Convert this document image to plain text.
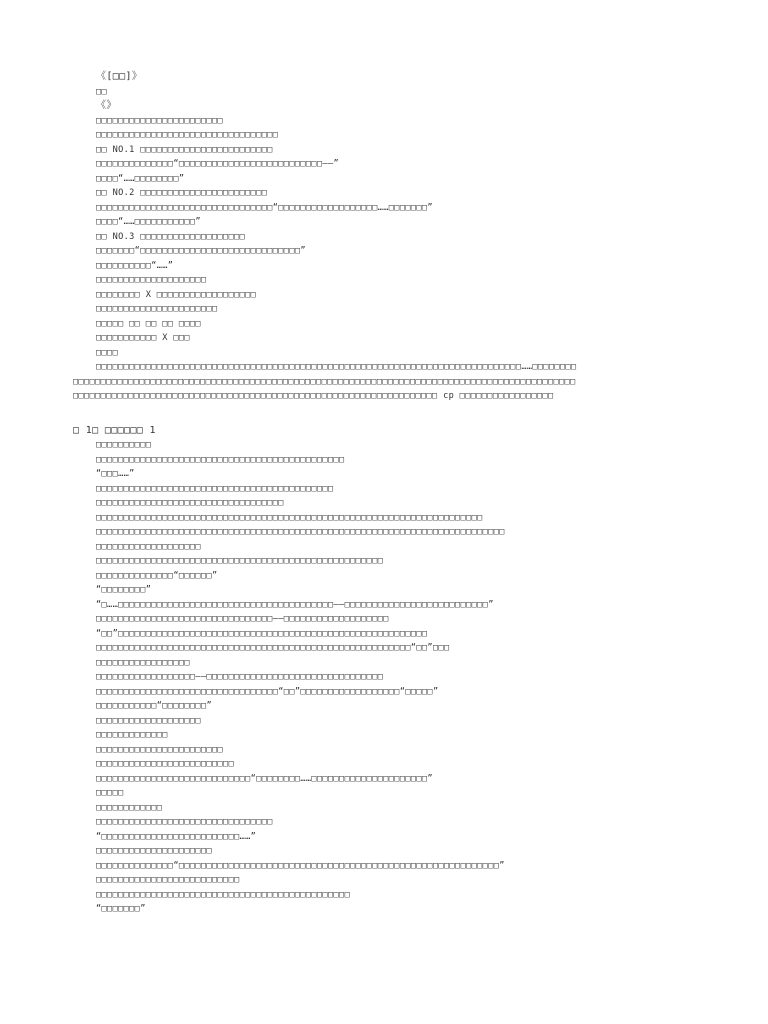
《[□□]》
□□
《》
□□□□□□□□□□□□□□□□□□□□□□□
□□□□□□□□□□□□□□□□□□□□□□□□□□□□□□□□□
□□ NO.1 □□□□□□□□□□□□□□□□□□□□□□□□
□□□□□□□□□□□□□□“□□□□□□□□□□□□□□□□□□□□□□□□□□——”
□□□□“……□□□□□□□□”
□□ NO.2 □□□□□□□□□□□□□□□□□□□□□□□
□□□□□□□□□□□□□□□□□□□□□□□□□□□□□□□□“□□□□□□□□□□□□□□□□□□……□□□□□□□”
□□□□“……□□□□□□□□□□□”
□□ NO.3 □□□□□□□□□□□□□□□□□□□
□□□□□□□“□□□□□□□□□□□□□□□□□□□□□□□□□□□□□”
□□□□□□□□□□“……”
□□□□□□□□□□□□□□□□□□□□
□□□□□□□□ X □□□□□□□□□□□□□□□□□□
□□□□□□□□□□□□□□□□□□□□□□
□□□□□ □□ □□ □□ □□□□
□□□□□□□□□□□ X □□□
□□□□
□□□□□□□□□□□□□□□□□□□□□□□□□□□□□□□□□□□□□□□□□□□□□□□□□□□□□□□□□□□□□□□□□□□□□□□□□□□□□……□□□□□□□□
□□□□□□□□□□□□□□□□□□□□□□□□□□□□□□□□□□□□□□□□□□□□□□□□□□□□□□□□□□□□□□□□□□□□□□□□□□□□□□□□□□□□□□□□□□□
□□□□□□□□□□□□□□□□□□□□□□□□□□□□□□□□□□□□□□□□□□□□□□□□□□□□□□□□□□□□□□□□□□ cp □□□□□□□□□□□□□□□□□
□ 1□ □□□□□□ 1
□□□□□□□□□□
□□□□□□□□□□□□□□□□□□□□□□□□□□□□□□□□□□□□□□□□□□□□□
“□□□……”
□□□□□□□□□□□□□□□□□□□□□□□□□□□□□□□□□□□□□□□□□□□
□□□□□□□□□□□□□□□□□□□□□□□□□□□□□□□□□□
□□□□□□□□□□□□□□□□□□□□□□□□□□□□□□□□□□□□□□□□□□□□□□□□□□□□□□□□□□□□□□□□□□□□□□
□□□□□□□□□□□□□□□□□□□□□□□□□□□□□□□□□□□□□□□□□□□□□□□□□□□□□□□□□□□□□□□□□□□□□□□□□□
□□□□□□□□□□□□□□□□□□□
□□□□□□□□□□□□□□□□□□□□□□□□□□□□□□□□□□□□□□□□□□□□□□□□□□□□
□□□□□□□□□□□□□□“□□□□□□”
“□□□□□□□□”
“□……□□□□□□□□□□□□□□□□□□□□□□□□□□□□□□□□□□□□□□□——□□□□□□□□□□□□□□□□□□□□□□□□□□”
□□□□□□□□□□□□□□□□□□□□□□□□□□□□□□□□——□□□□□□□□□□□□□□□□□□□
“□□”□□□□□□□□□□□□□□□□□□□□□□□□□□□□□□□□□□□□□□□□□□□□□□□□□□□□□□□□
□□□□□□□□□□□□□□□□□□□□□□□□□□□□□□□□□□□□□□□□□□□□□□□□□□□□□□□□□“□□”□□□
□□□□□□□□□□□□□□□□□
□□□□□□□□□□□□□□□□□□——□□□□□□□□□□□□□□□□□□□□□□□□□□□□□□□□
□□□□□□□□□□□□□□□□□□□□□□□□□□□□□□□□□“□□”□□□□□□□□□□□□□□□□□□“□□□□□”
□□□□□□□□□□□“□□□□□□□□”
□□□□□□□□□□□□□□□□□□□
□□□□□□□□□□□□□
□□□□□□□□□□□□□□□□□□□□□□□
□□□□□□□□□□□□□□□□□□□□□□□□□
□□□□□□□□□□□□□□□□□□□□□□□□□□□□“□□□□□□□□……□□□□□□□□□□□□□□□□□□□□□”
□□□□□
□□□□□□□□□□□□
□□□□□□□□□□□□□□□□□□□□□□□□□□□□□□□□
“□□□□□□□□□□□□□□□□□□□□□□□□□……”
□□□□□□□□□□□□□□□□□□□□□
□□□□□□□□□□□□□□“□□□□□□□□□□□□□□□□□□□□□□□□□□□□□□□□□□□□□□□□□□□□□□□□□□□□□□□□□□”
□□□□□□□□□□□□□□□□□□□□□□□□□□
□□□□□□□□□□□□□□□□□□□□□□□□□□□□□□□□□□□□□□□□□□□□□□
“□□□□□□□”
